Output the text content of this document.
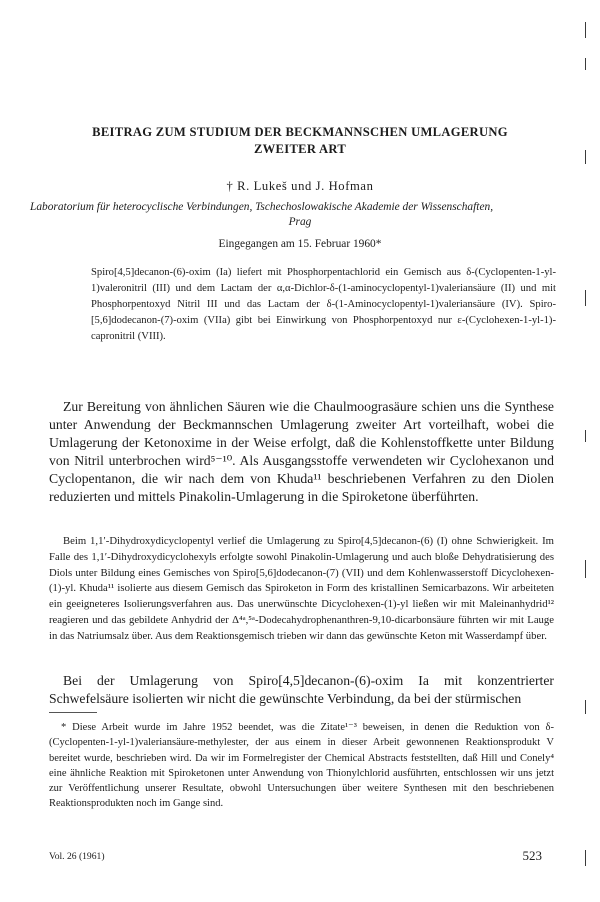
BEITRAG ZUM STUDIUM DER BECKMANNSCHEN UMLAGERUNG
ZWEITER ART
† R. Lukeš und J. Hofman
Laboratorium für heterocyclische Verbindungen, Tschechoslowakische Akademie der Wissenschaften,
Prag
Eingegangen am 15. Februar 1960*
Spiro[4,5]decanon-(6)-oxim (Ia) liefert mit Phosphorpentachlorid ein Gemisch aus δ-(Cyclopenten-1-yl-1)valeronitril (III) und dem Lactam der α,α-Dichlor-δ-(1-aminocyclopentyl-1)valeriansäure (II) und mit Phosphorpentoxyd Nitril III und das Lactam der δ-(1-Aminocyclopentyl-1)valeriansäure (IV). Spiro-[5,6]dodecanon-(7)-oxim (VIIa) gibt bei Einwirkung von Phosphorpentoxyd nur ε-(Cyclohexen-1-yl-1)-capronitril (VIII).
Zur Bereitung von ähnlichen Säuren wie die Chaulmoograsäure schien uns die Synthese unter Anwendung der Beckmannschen Umlagerung zweiter Art vorteilhaft, wobei die Umlagerung der Ketonoxime in der Weise erfolgt, daß die Kohlenstoffkette unter Bildung von Nitril unterbrochen wird⁵⁻¹⁰. Als Ausgangsstoffe verwendeten wir Cyclohexanon und Cyclopentanon, die wir nach dem von Khuda¹¹ beschriebenen Verfahren zu den Diolen reduzierten und mittels Pinakolin-Umlagerung in die Spiroketone überführten.
Beim 1,1′-Dihydroxydicyclopentyl verlief die Umlagerung zu Spiro[4,5]decanon-(6) (I) ohne Schwierigkeit. Im Falle des 1,1′-Dihydroxydicyclohexyls erfolgte sowohl Pinakolin-Umlagerung und auch bloße Dehydratisierung des Diols unter Bildung eines Gemisches von Spiro[5,6]dodecanon-(7) (VII) und dem Kohlenwasserstoff Dicyclohexen-(1)-yl. Khuda¹¹ isolierte aus diesem Gemisch das Spiroketon in Form des kristallinen Semicarbazons. Wir arbeiteten ein geeigneteres Isolierungsverfahren aus. Das unerwünschte Dicyclohexen-(1)-yl ließen wir mit Maleinanhydrid¹² reagieren und das gebildete Anhydrid der Δ⁴ᵃ,⁵ᵃ-Dodecahydrophenanthren-9,10-dicarbonsäure führten wir mit Lauge in das Natriumsalz über. Aus dem Reaktionsgemisch trieben wir dann das gewünschte Keton mit Wasserdampf über.
Bei der Umlagerung von Spiro[4,5]decanon-(6)-oxim Ia mit konzentrierter Schwefelsäure isolierten wir nicht die gewünschte Verbindung, da bei der stürmischen
* Diese Arbeit wurde im Jahre 1952 beendet, was die Zitate¹⁻³ beweisen, in denen die Reduktion von δ-(Cyclopenten-1-yl-1)valeriansäure-methylester, der aus einem in dieser Arbeit gewonnenen Reaktionsprodukt V bereitet wurde, beschrieben wird. Da wir im Formelregister der Chemical Abstracts feststellten, daß Hill und Conely⁴ eine ähnliche Reaktion mit Spiroketonen unter Anwendung von Thionylchlorid ausführten, entschlossen wir uns jetzt zur Veröffentlichung unserer Resultate, obwohl Untersuchungen über weitere Synthesen mit den beschriebenen Reaktionsprodukten noch im Gange sind.
Vol. 26 (1961)	523
